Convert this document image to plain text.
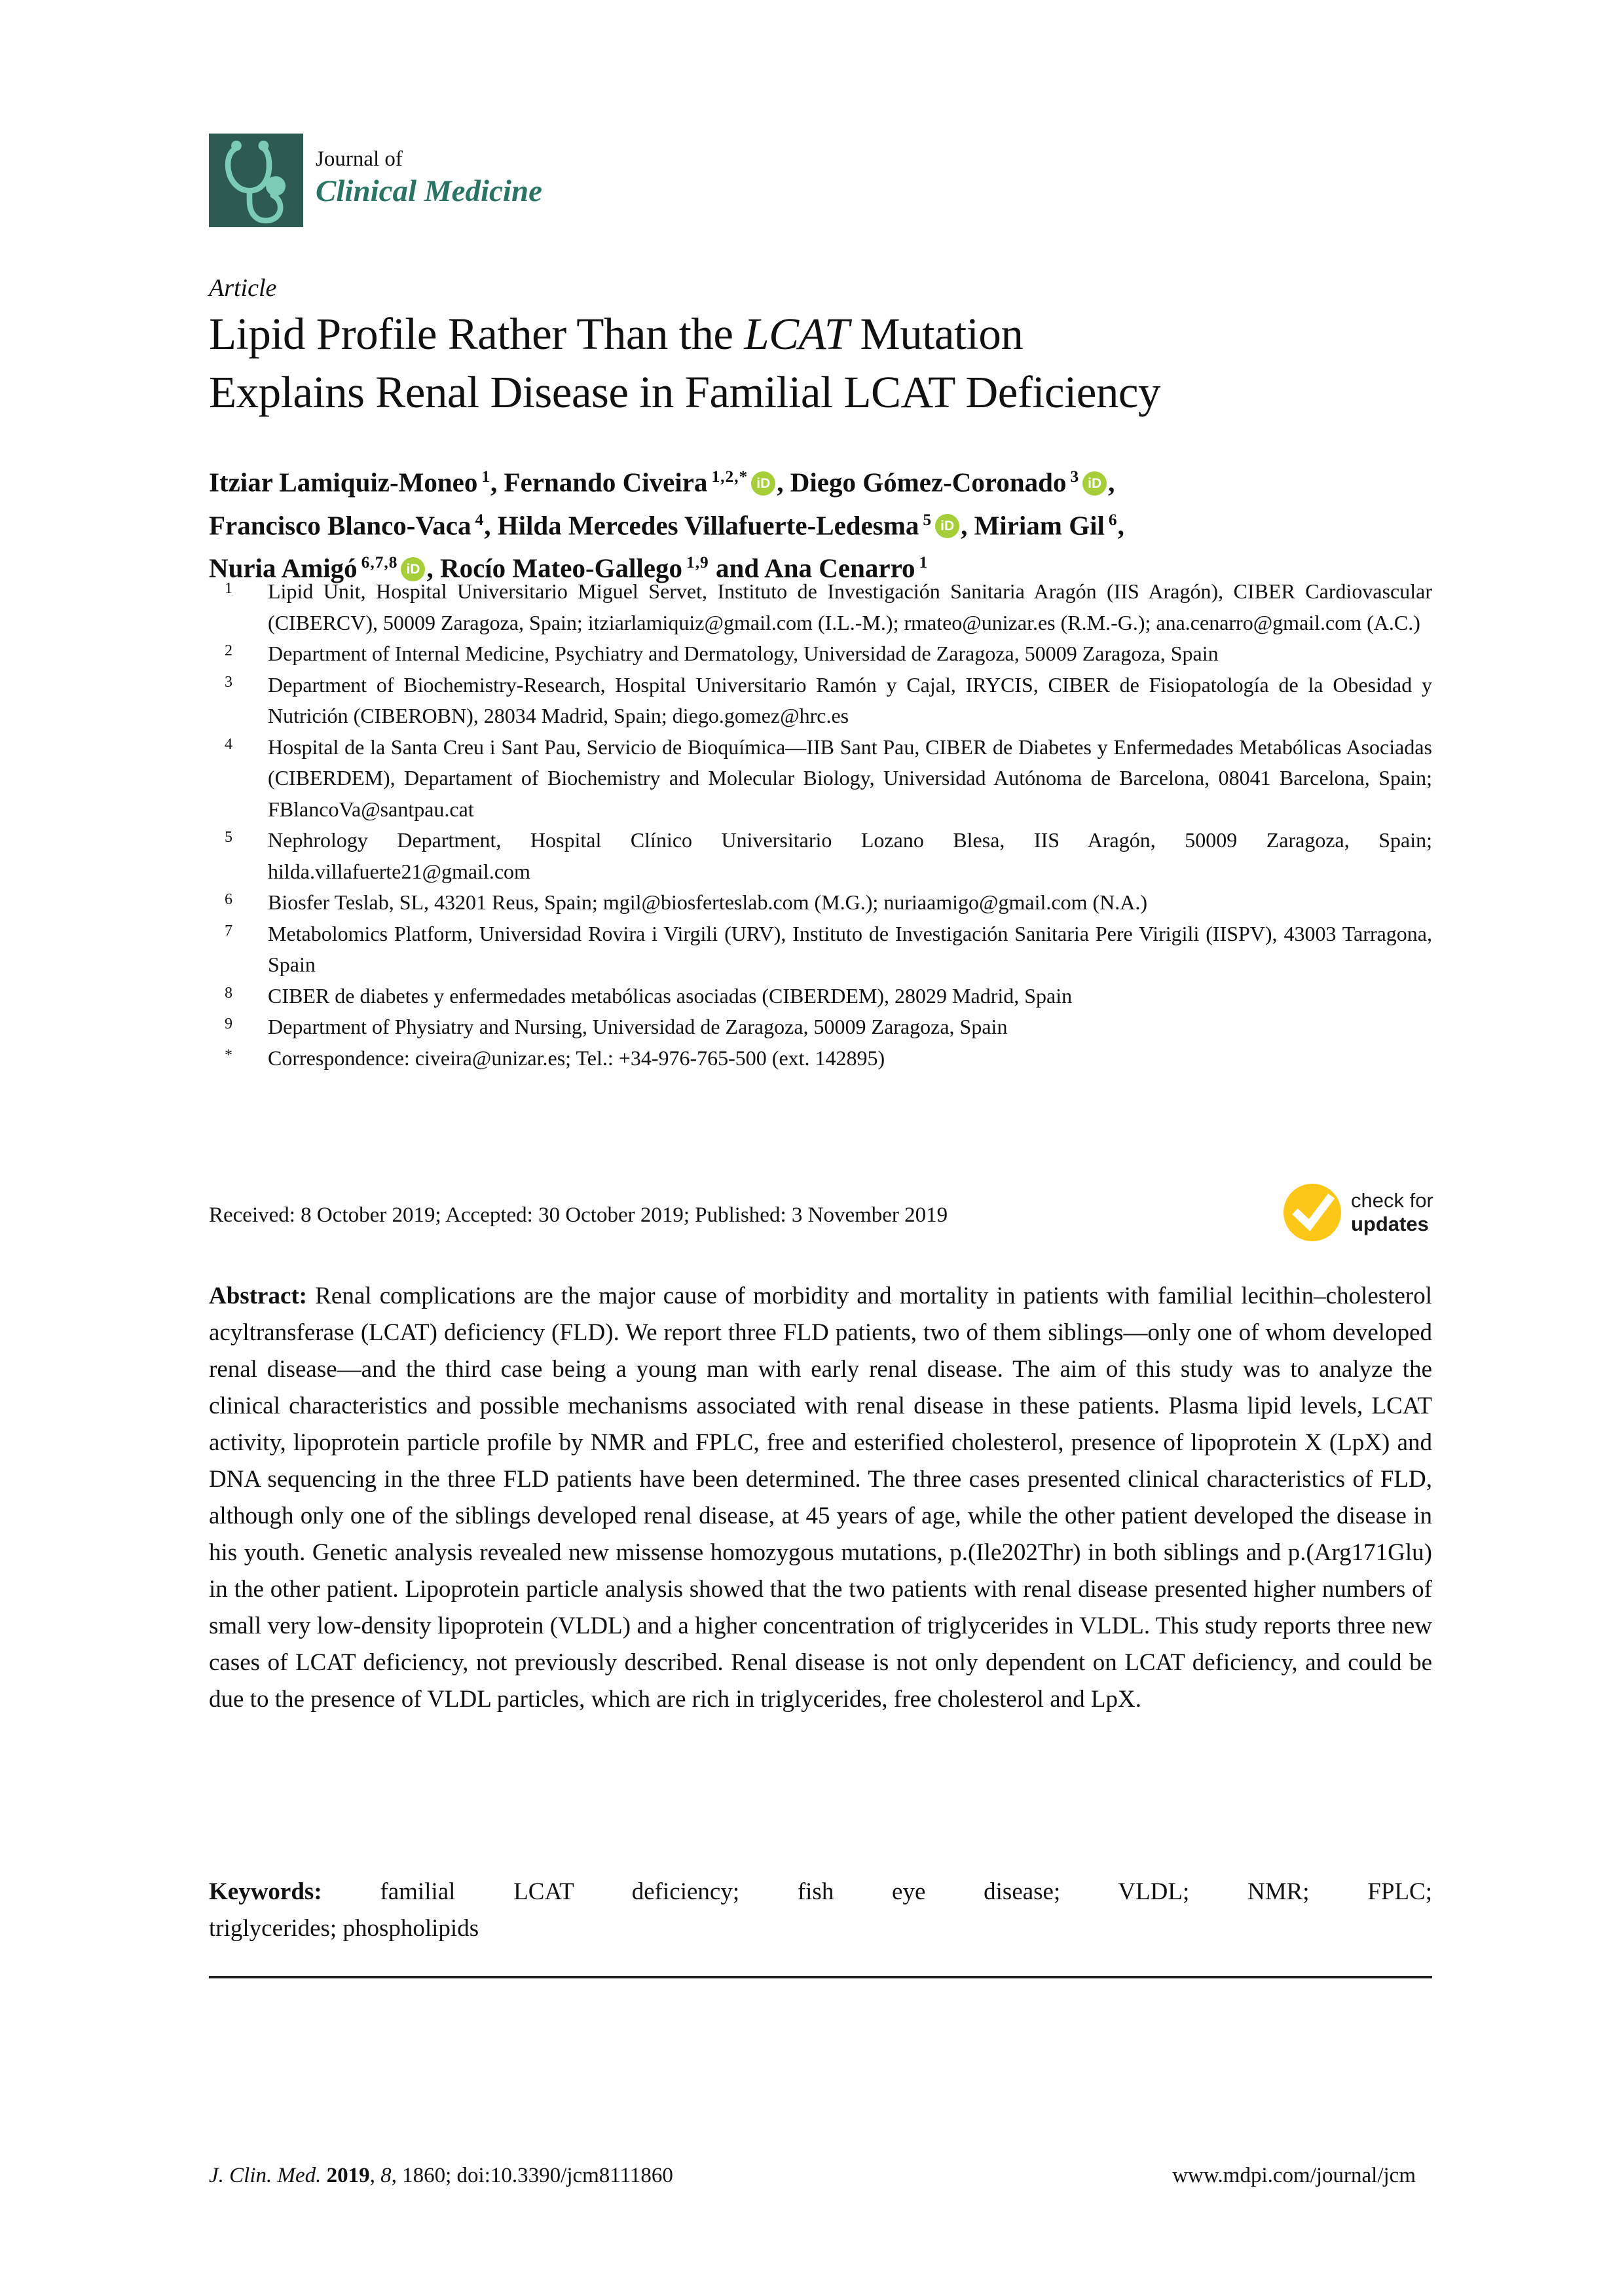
Journal of
Clinical Medicine
Article
Lipid Profile Rather Than the LCAT Mutation
Explains Renal Disease in Familial LCAT Deficiency
Itziar Lamiquiz-Moneo $^1$, Fernando Civeira $^{1,2,*}$ iD , Diego Gómez-Coronado $^3$ iD ,
Francisco Blanco-Vaca $^4$, Hilda Mercedes Villafuerte-Ledesma $^5$ iD , Miriam Gil $^6$,
Nuria Amigó $^{6,7,8}$ iD , Rocío Mateo-Gallego $^{1,9}$ and Ana Cenarro $^1$
1 Lipid Unit, Hospital Universitario Miguel Servet, Instituto de Investigación Sanitaria Aragón (IIS Aragón), CIBER Cardiovascular (CIBERCV), 50009 Zaragoza, Spain; itziarlamiquiz@gmail.com (I.L.-M.); rmateo@unizar.es (R.M.-G.); ana.cenarro@gmail.com (A.C.)
2 Department of Internal Medicine, Psychiatry and Dermatology, Universidad de Zaragoza, 50009 Zaragoza, Spain
3 Department of Biochemistry-Research, Hospital Universitario Ramón y Cajal, IRYCIS, CIBER de Fisiopatología de la Obesidad y Nutrición (CIBEROBN), 28034 Madrid, Spain; diego.gomez@hrc.es
4 Hospital de la Santa Creu i Sant Pau, Servicio de Bioquímica—IIB Sant Pau, CIBER de Diabetes y Enfermedades Metabólicas Asociadas (CIBERDEM), Departament of Biochemistry and Molecular Biology, Universidad Autónoma de Barcelona, 08041 Barcelona, Spain; FBlancoVa@santpau.cat
5 Nephrology Department, Hospital Clínico Universitario Lozano Blesa, IIS Aragón, 50009 Zaragoza, Spain; hilda.villafuerte21@gmail.com
6 Biosfer Teslab, SL, 43201 Reus, Spain; mgil@biosferteslab.com (M.G.); nuriaamigo@gmail.com (N.A.)
7 Metabolomics Platform, Universidad Rovira i Virgili (URV), Instituto de Investigación Sanitaria Pere Virigili (IISPV), 43003 Tarragona, Spain
8 CIBER de diabetes y enfermedades metabólicas asociadas (CIBERDEM), 28029 Madrid, Spain
9 Department of Physiatry and Nursing, Universidad de Zaragoza, 50009 Zaragoza, Spain
* Correspondence: civeira@unizar.es; Tel.: +34-976-765-500 (ext. 142895)
Received: 8 October 2019; Accepted: 30 October 2019; Published: 3 November 2019
check for
updates

Abstract: Renal complications are the major cause of morbidity and mortality in patients with familial lecithin–cholesterol acyltransferase (LCAT) deficiency (FLD). We report three FLD patients, two of them siblings—only one of whom developed renal disease—and the third case being a young man with early renal disease. The aim of this study was to analyze the clinical characteristics and possible mechanisms associated with renal disease in these patients. Plasma lipid levels, LCAT activity, lipoprotein particle profile by NMR and FPLC, free and esterified cholesterol, presence of lipoprotein X (LpX) and DNA sequencing in the three FLD patients have been determined. The three cases presented clinical characteristics of FLD, although only one of the siblings developed renal disease, at 45 years of age, while the other patient developed the disease in his youth. Genetic analysis revealed new missense homozygous mutations, p.(Ile202Thr) in both siblings and p.(Arg171Glu) in the other patient. Lipoprotein particle analysis showed that the two patients with renal disease presented higher numbers of small very low-density lipoprotein (VLDL) and a higher concentration of triglycerides in VLDL. This study reports three new cases of LCAT deficiency, not previously described. Renal disease is not only dependent on LCAT deficiency, and could be due to the presence of VLDL particles, which are rich in triglycerides, free cholesterol and LpX.

Keywords: familial LCAT deficiency; fish eye disease; VLDL; NMR; FPLC;
triglycerides; phospholipids

J. Clin. Med. 2019, 8, 1860; doi:10.3390/jcm8111860	www.mdpi.com/journal/jcm
